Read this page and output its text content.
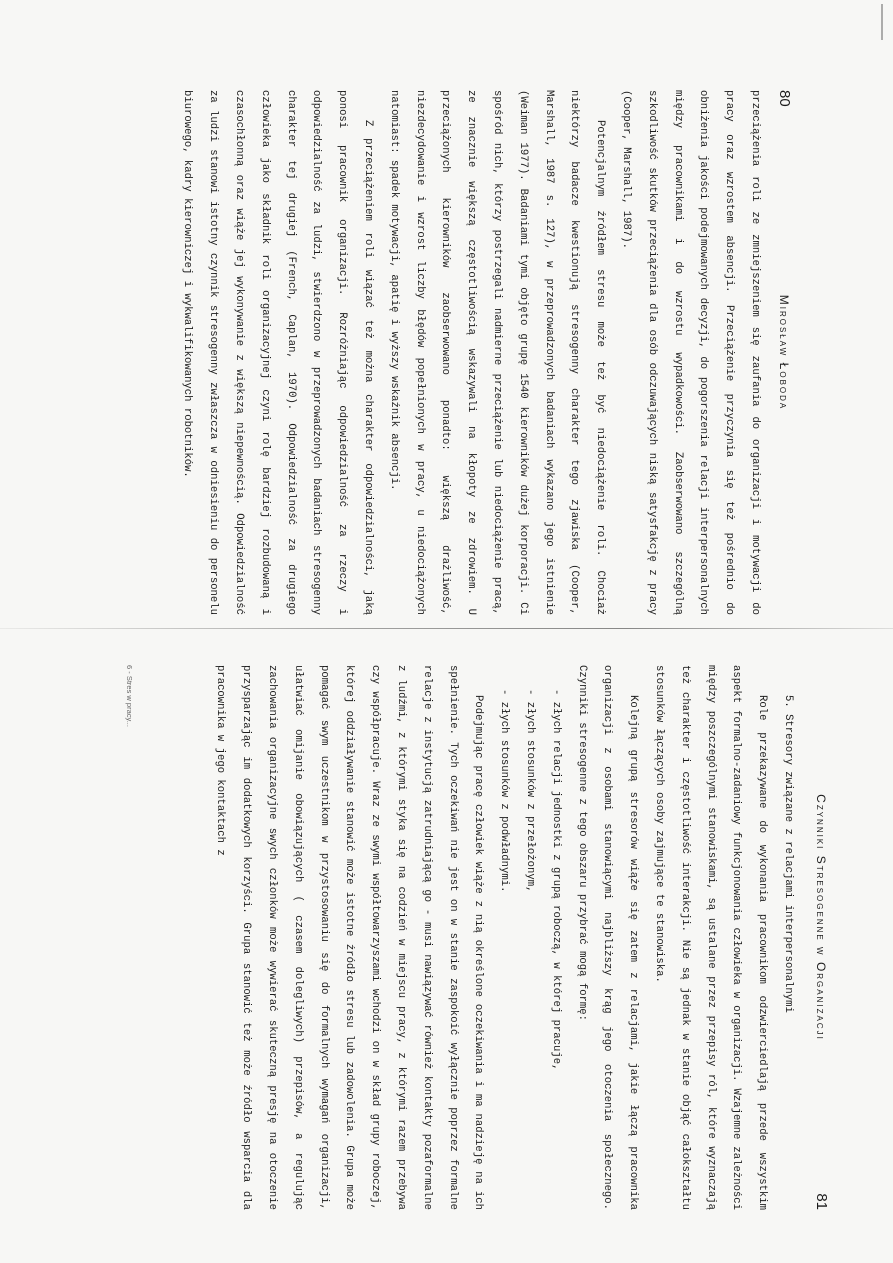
80
Mirosław Łoboda

przeciążenia roli ze zmniejszeniem się zaufania do organizacji i motywacji do pracy oraz wzrostem absencji. Przeciążenie przyczynia się też pośrednio do obniżenia jakości podejmowanych decyzji, do pogorszenia relacji interpersonalnych między pracownikami i do wzrostu wypadkowości. Zaobserwowano szczególną szkodliwość skutków przeciążenia dla osób odczuwających niską satysfakcję z pracy (Cooper, Marshall, 1987).

Potencjalnym źródłem stresu może też być niedociążenie roli. Chociaż niektórzy badacze kwestionują stresogenny charakter tego zjawiska (Cooper, Marshall, 1987 s. 127), w przeprowadzonych badaniach wykazano jego istnienie (Weiman 1977). Badaniami tymi objęto grupę 1540 kierowników dużej korporacji. Ci spośród nich, którzy postrzegali nadmierne przeciążenie lub niedociążenie pracą, ze znacznie większą częstotliwością wskazywali na kłopoty ze zdrowiem. U przeciążonych kierowników zaobserwowano ponadto: większą drażliwość, niezdecydowanie i wzrost liczby błędów popełnionych w pracy, u niedociążonych natomiast: spadek motywacji, apatię i wyższy wskaźnik absencji.

Z przeciążeniem roli wiązać też można charakter odpowiedzialności, jaką ponosi pracownik organizacji. Rozróżniając odpowiedzialność za rzeczy i odpowiedzialność za ludzi, stwierdzono w przeprowadzonych badaniach stresogenny charakter tej drugiej (French, Caplan, 1970). Odpowiedzialność za drugiego człowieka jako składnik roli organizacyjnej czyni rolę bardziej rozbudowaną i czasochłonną oraz wiąże jej wykonywanie z większą niepewnością. Odpowiedzialność za ludzi stanowi istotny czynnik stresogenny zwłaszcza w odniesieniu do personelu biurowego, kadry kierowniczej i wykwalifikowanych robotników.

Czynniki Stresogenne w Organizacji
81

5. Stresory związane z relacjami interpersonalnymi

Role przekazywane do wykonania pracownikom odzwierciedlają przede wszystkim aspekt formalno-zadaniowy funkcjonowania człowieka w organizacji. Wzajemne zależności między poszczególnymi stanowiskami, są ustalane przez przepisy ról, które wyznaczają też charakter i częstotliwość interakcji. Nie są jednak w stanie objąć całokształtu stosunków łączących osoby zajmujące te stanowiska.

Kolejną grupą stresorów wiąże się zatem z relacjami, jakie łączą pracownika organizacji z osobami stanowiącymi najbliższy krąg jego otoczenia społecznego. Czynniki stresogenne z tego obszaru przybrać mogą formę:

- złych relacji jednostki z grupą roboczą, w której pracuje,
- złych stosunków z przełożonym,
- złych stosunków z podwładnymi.

Podejmując pracę człowiek wiąże z nią określone oczekiwania i ma nadzieję na ich spełnienie. Tych oczekiwań nie jest on w stanie zaspokoić wyłącznie poprzez formalne relacje z instytucją zatrudniającą go - musi nawiązywać również kontakty pozaformalne z ludźmi, z którymi styka się na codzień w miejscu pracy, z którymi razem przebywa czy współpracuje. Wraz ze swymi współtowarzyszami wchodzi on w skład grupy roboczej, której oddziaływanie stanowić może istotne źródło stresu lub zadowolenia. Grupa może pomagać swym uczestnikom w przystosowaniu się do formalnych wymagań organizacji, ułatwiać omijanie obowiązujących ( czasem dolegliwych) przepisów, a regulując zachowania organizacyjne swych członków może wywierać skuteczną presję na otoczenie przysparzając im dodatkowych korzyści. Grupa stanowić też może źródło wsparcia dla pracownika w jego kontaktach z

6 - Stres w pracy...
